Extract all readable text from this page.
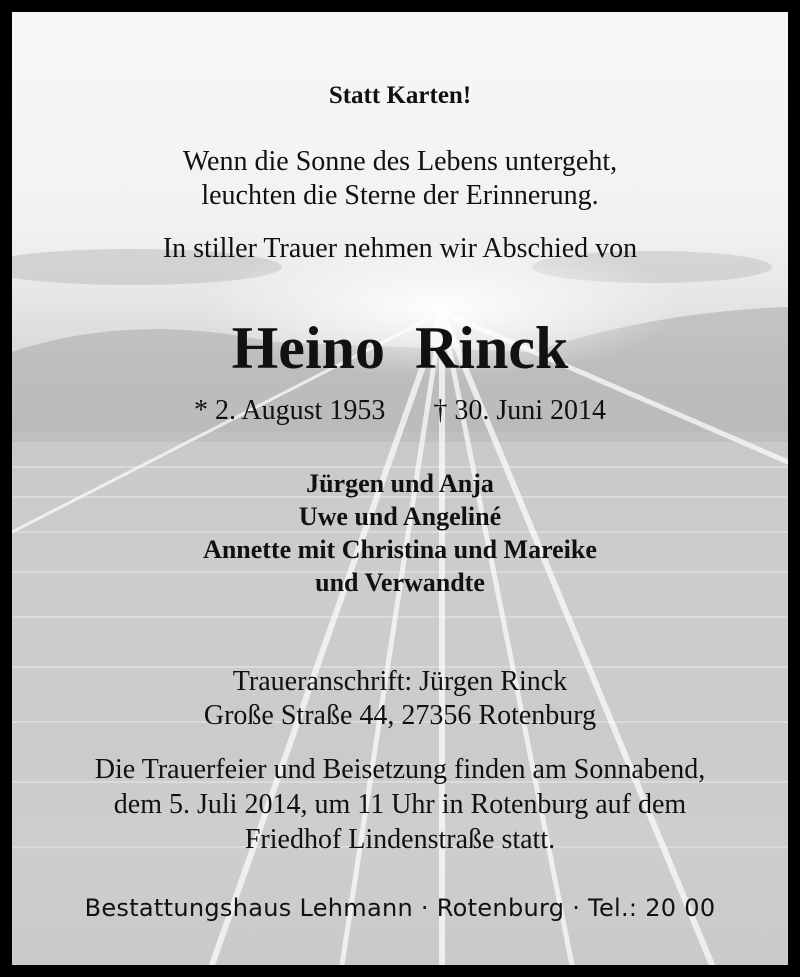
Statt Karten!
Wenn die Sonne des Lebens untergeht,
leuchten die Sterne der Erinnerung.
In stiller Trauer nehmen wir Abschied von
Heino  Rinck
* 2. August 1953 † 30. Juni 2014
Jürgen und Anja
Uwe und Angeliné
Annette mit Christina und Mareike
und Verwandte
Traueranschrift: Jürgen Rinck
Große Straße 44, 27356 Rotenburg
Die Trauerfeier und Beisetzung finden am Sonnabend,
dem 5. Juli 2014, um 11 Uhr in Rotenburg auf dem
Friedhof Lindenstraße statt.
Bestattungshaus Lehmann · Rotenburg · Tel.: 20 00
